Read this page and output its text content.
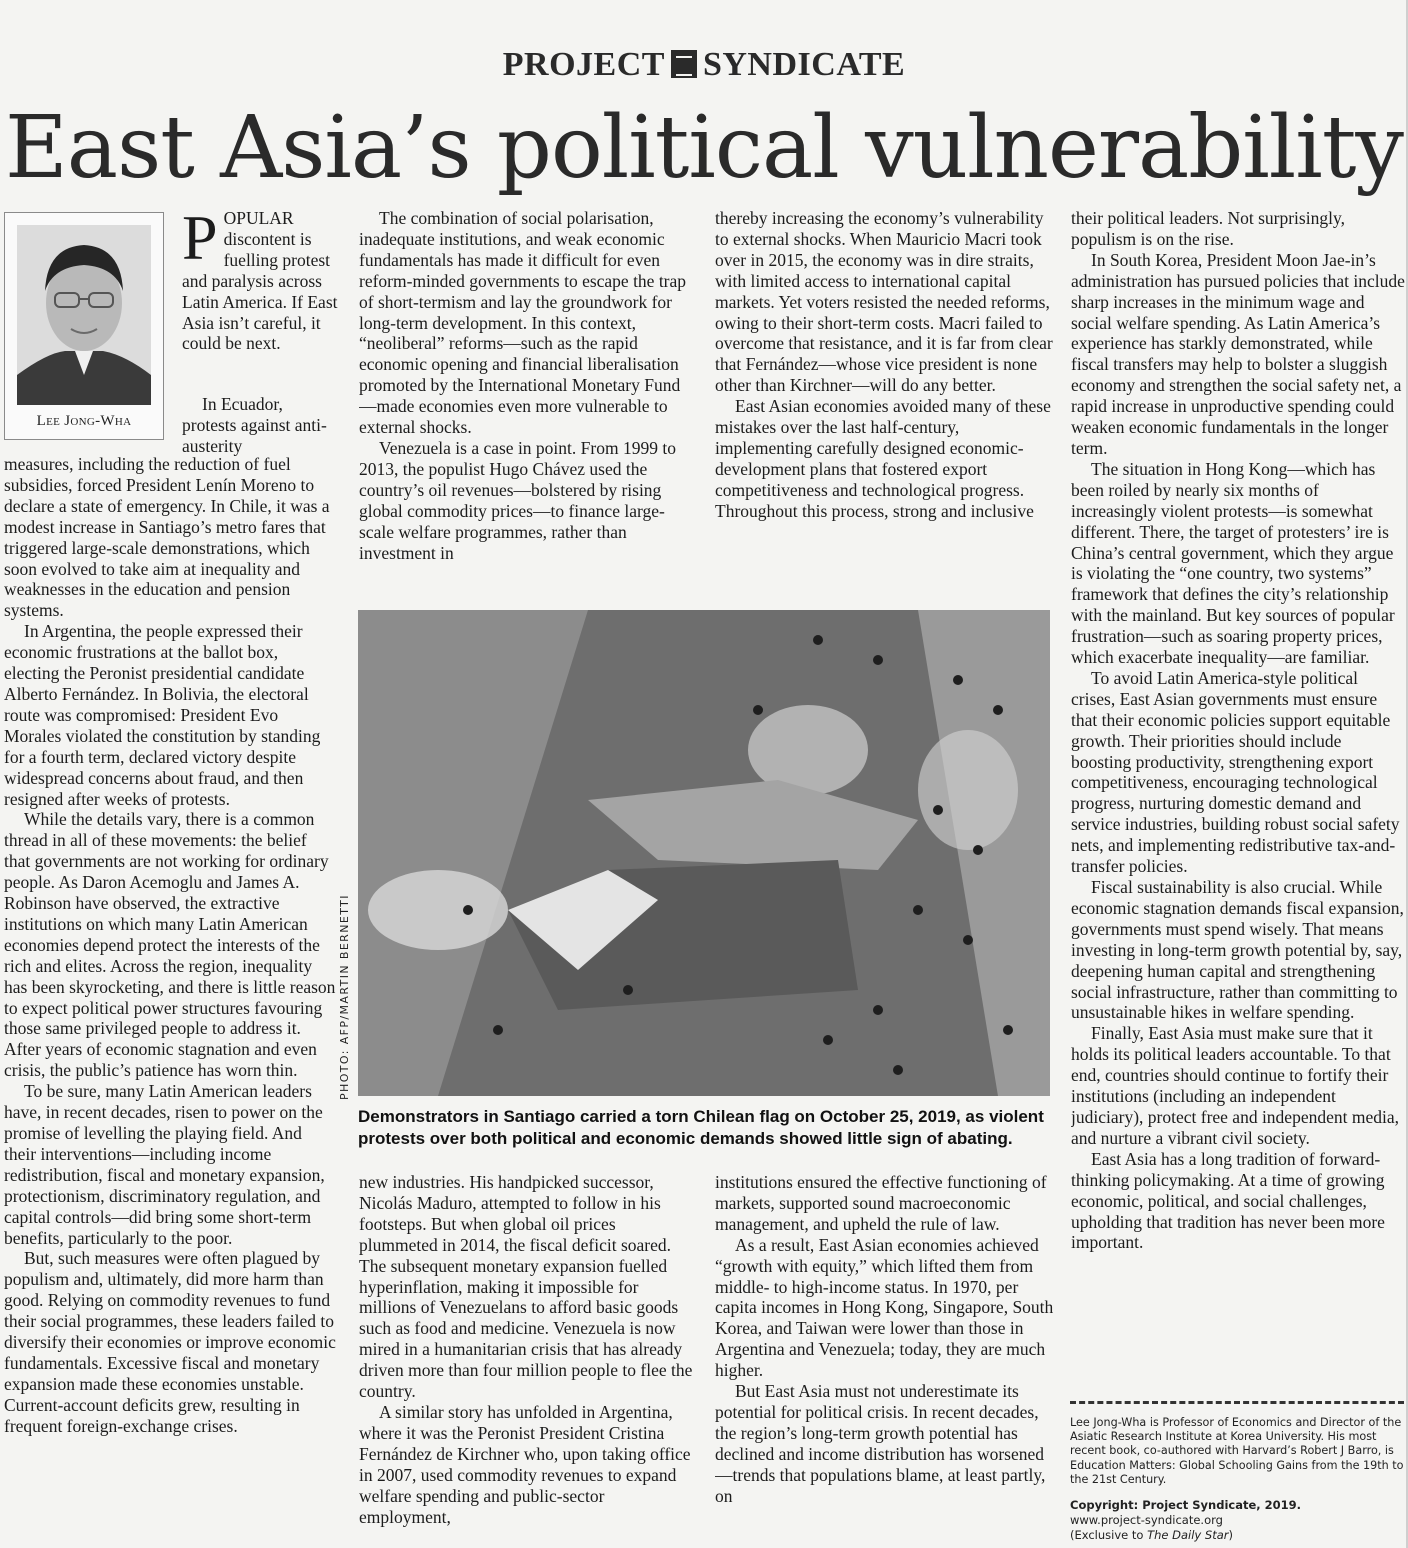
PROJECT SYNDICATE
East Asia’s political vulnerability
Lee Jong-Wha

POPULAR discontent is fuelling protest and paralysis across Latin America. If East Asia isn’t careful, it could be next.

In Ecuador, protests against anti-austerity

measures, including the reduction of fuel subsidies, forced President Lenín Moreno to declare a state of emergency. In Chile, it was a modest increase in Santiago’s metro fares that triggered large-scale demonstrations, which soon evolved to take aim at inequality and weaknesses in the education and pension systems.

In Argentina, the people expressed their economic frustrations at the ballot box, electing the Peronist presidential candidate Alberto Fernández. In Bolivia, the electoral route was compromised: President Evo Morales violated the constitution by standing for a fourth term, declared victory despite widespread concerns about fraud, and then resigned after weeks of protests.

While the details vary, there is a common thread in all of these movements: the belief that governments are not working for ordinary people. As Daron Acemoglu and James A. Robinson have observed, the extractive institutions on which many Latin American economies depend protect the interests of the rich and elites. Across the region, inequality has been skyrocketing, and there is little reason to expect political power structures favouring those same privileged people to address it. After years of economic stagnation and even crisis, the public’s patience has worn thin.

To be sure, many Latin American leaders have, in recent decades, risen to power on the promise of levelling the playing field. And their interventions—including income redistribution, fiscal and monetary expansion, protectionism, discriminatory regulation, and capital controls—did bring some short-term benefits, particularly to the poor.

But, such measures were often plagued by populism and, ultimately, did more harm than good. Relying on commodity revenues to fund their social programmes, these leaders failed to diversify their economies or improve economic fundamentals. Excessive fiscal and monetary expansion made these economies unstable. Current-account deficits grew, resulting in frequent foreign-exchange crises.

The combination of social polarisation, inadequate institutions, and weak economic fundamentals has made it difficult for even reform-minded governments to escape the trap of short-termism and lay the groundwork for long-term development. In this context, “neoliberal” reforms—such as the rapid economic opening and financial liberalisation promoted by the International Monetary Fund—made economies even more vulnerable to external shocks.

Venezuela is a case in point. From 1999 to 2013, the populist Hugo Chávez used the country’s oil revenues—bolstered by rising global commodity prices—to finance large-scale welfare programmes, rather than investment in

thereby increasing the economy’s vulnerability to external shocks. When Mauricio Macri took over in 2015, the economy was in dire straits, with limited access to international capital markets. Yet voters resisted the needed reforms, owing to their short-term costs. Macri failed to overcome that resistance, and it is far from clear that Fernández—whose vice president is none other than Kirchner—will do any better.

East Asian economies avoided many of these mistakes over the last half-century, implementing carefully designed economic-development plans that fostered export competitiveness and technological progress. Throughout this process, strong and inclusive

PHOTO: AFP/MARTIN BERNETTI
Demonstrators in Santiago carried a torn Chilean flag on October 25, 2019, as violent protests over both political and economic demands showed little sign of abating.

new industries. His handpicked successor, Nicolás Maduro, attempted to follow in his footsteps. But when global oil prices plummeted in 2014, the fiscal deficit soared. The subsequent monetary expansion fuelled hyperinflation, making it impossible for millions of Venezuelans to afford basic goods such as food and medicine. Venezuela is now mired in a humanitarian crisis that has already driven more than four million people to flee the country.

A similar story has unfolded in Argentina, where it was the Peronist President Cristina Fernández de Kirchner who, upon taking office in 2007, used commodity revenues to expand welfare spending and public-sector employment,

institutions ensured the effective functioning of markets, supported sound macroeconomic management, and upheld the rule of law.

As a result, East Asian economies achieved “growth with equity,” which lifted them from middle- to high-income status. In 1970, per capita incomes in Hong Kong, Singapore, South Korea, and Taiwan were lower than those in Argentina and Venezuela; today, they are much higher.

But East Asia must not underestimate its potential for political crisis. In recent decades, the region’s long-term growth potential has declined and income distribution has worsened—trends that populations blame, at least partly, on

their political leaders. Not surprisingly, populism is on the rise.

In South Korea, President Moon Jae-in’s administration has pursued policies that include sharp increases in the minimum wage and social welfare spending. As Latin America’s experience has starkly demonstrated, while fiscal transfers may help to bolster a sluggish economy and strengthen the social safety net, a rapid increase in unproductive spending could weaken economic fundamentals in the longer term.

The situation in Hong Kong—which has been roiled by nearly six months of increasingly violent protests—is somewhat different. There, the target of protesters’ ire is China’s central government, which they argue is violating the “one country, two systems” framework that defines the city’s relationship with the mainland. But key sources of popular frustration—such as soaring property prices, which exacerbate inequality—are familiar.

To avoid Latin America-style political crises, East Asian governments must ensure that their economic policies support equitable growth. Their priorities should include boosting productivity, strengthening export competitiveness, encouraging technological progress, nurturing domestic demand and service industries, building robust social safety nets, and implementing redistributive tax-and-transfer policies.

Fiscal sustainability is also crucial. While economic stagnation demands fiscal expansion, governments must spend wisely. That means investing in long-term growth potential by, say, deepening human capital and strengthening social infrastructure, rather than committing to unsustainable hikes in welfare spending.

Finally, East Asia must make sure that it holds its political leaders accountable. To that end, countries should continue to fortify their institutions (including an independent judiciary), protect free and independent media, and nurture a vibrant civil society.

East Asia has a long tradition of forward-thinking policymaking. At a time of growing economic, political, and social challenges, upholding that tradition has never been more important.

Lee Jong-Wha is Professor of Economics and Director of the Asiatic Research Institute at Korea University. His most recent book, co-authored with Harvard’s Robert J Barro, is Education Matters: Global Schooling Gains from the 19th to the 21st Century.
Copyright: Project Syndicate, 2019.
www.project-syndicate.org
(Exclusive to The Daily Star)
